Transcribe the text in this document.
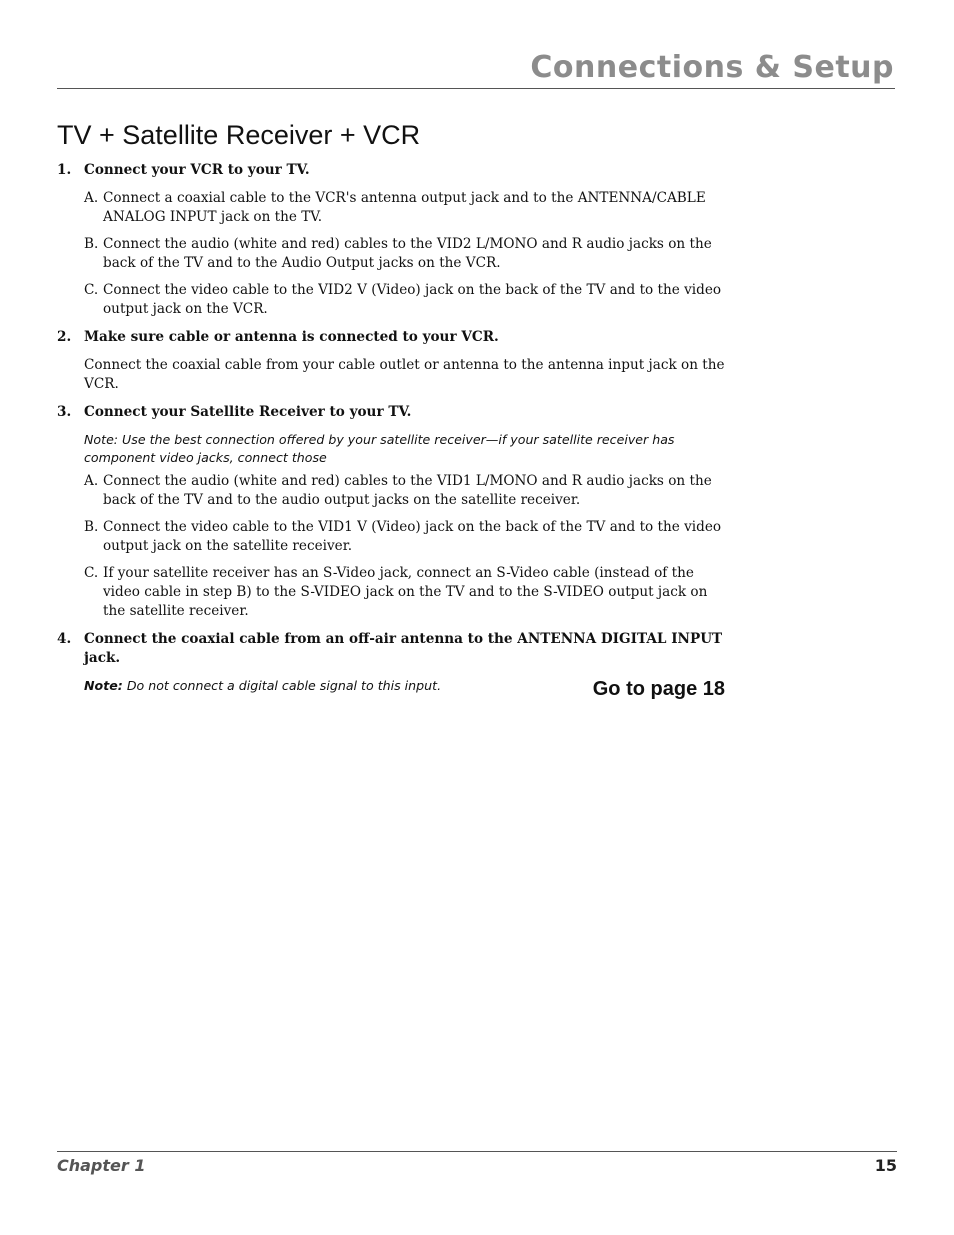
Connections & Setup
TV + Satellite Receiver + VCR
1. Connect your VCR to your TV.
A. Connect a coaxial cable to the VCR's antenna output jack and to the ANTENNA/CABLE ANALOG INPUT jack on the TV.
B. Connect the audio (white and red) cables to the VID2 L/MONO and R audio jacks on the back of the TV and to the Audio Output jacks on the VCR.
C. Connect the video cable to the VID2 V (Video) jack on the back of the TV and to the video output jack on the VCR.
2. Make sure cable or antenna is connected to your VCR.
Connect the coaxial cable from your cable outlet or antenna to the antenna input jack on the VCR.
3. Connect your Satellite Receiver to your TV.
Note: Use the best connection offered by your satellite receiver—if your satellite receiver has component video jacks, connect those
A. Connect the audio (white and red) cables to the VID1 L/MONO and R audio jacks on the back of the TV and to the audio output jacks on the satellite receiver.
B. Connect the video cable to the VID1 V (Video) jack on the back of the TV and to the video output jack on the satellite receiver.
C. If your satellite receiver has an S-Video jack, connect an S-Video cable (instead of the video cable in step B) to the S-VIDEO jack on the TV and to the S-VIDEO output jack on the satellite receiver.
4. Connect the coaxial cable from an off-air antenna to the ANTENNA DIGITAL INPUT jack.
Note: Do not connect a digital cable signal to this input.	Go to page 18
Chapter 1	15
